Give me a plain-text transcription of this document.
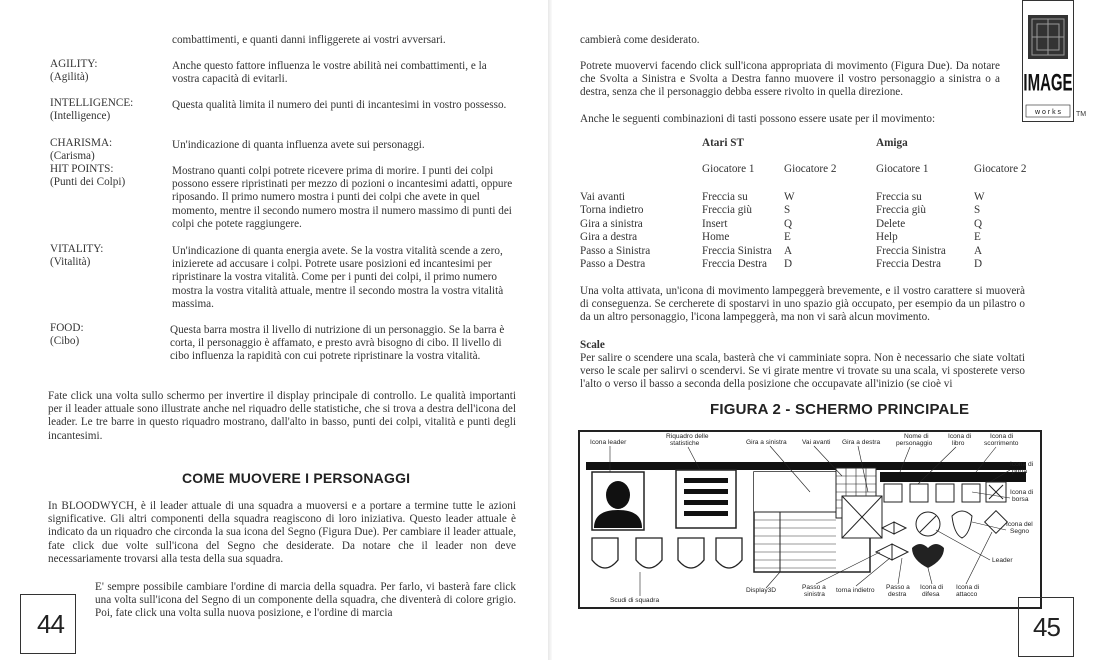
combattimenti, e quanti danni infliggerete ai vostri avversari.
AGILITY:
(Agilità)
Anche questo fattore influenza le vostre abilità nei combattimenti, e la vostra capacità di evitarli.
INTELLIGENCE:
(Intelligence)
Questa qualità limita il numero dei punti di incantesimi in vostro possesso.
CHARISMA:
(Carisma)
Un'indicazione di quanta influenza avete sui personaggi.
HIT POINTS:
(Punti dei Colpi)
Mostrano quanti colpi potrete ricevere prima di morire. I punti dei colpi possono essere ripristinati per mezzo di pozioni o incantesimi adatti, oppure riposando. Il primo numero mostra i punti dei colpi che avete in quel momento, mentre il secondo numero mostra il numero massimo di punti dei colpi che potete raggiungere.
VITALITY:
(Vitalità)
Un'indicazione di quanta energia avete. Se la vostra vitalità scende a zero, inizierete ad accusare i colpi. Potrete usare posizioni ed incantesimi per ripristinare la vostra vitalità. Come per i punti dei colpi, il primo numero mostra la vostra vitalità attuale, mentre il secondo mostra la vostra vitalità massima.
FOOD:
(Cibo)
Questa barra mostra il livello di nutrizione di un personaggio. Se la barra è corta, il personaggio è affamato, e presto avrà bisogno di cibo. Il livello di cibo influenza la rapidità con cui potrete ripristinare la vostra vitalità.
Fate click una volta sullo schermo per invertire il display principale di controllo. Le qualità importanti per il leader attuale sono illustrate anche nel riquadro delle statistiche, che si trova a destra dell'icona del leader. Le tre barre in questo riquadro mostrano, dall'alto in basso, punti dei colpi, vitalità e punti degli incantesimi.
COME MUOVERE I PERSONAGGI
In BLOODWYCH, è il leader attuale di una squadra a muoversi e a portare a termine tutte le azioni significative. Gli altri componenti della squadra reagiscono di loro iniziativa. Questo leader attuale è indicato da un riquadro che circonda la sua icona del Segno (Figura Due). Per cambiare il leader attuale, fate click due volte sull'icona del Segno che desiderate. Da notare che il leader non deve necessariamente trovarsi alla testa della sua squadra.
E' sempre possibile cambiare l'ordine di marcia della squadra. Per farlo, vi basterà fare click una volta sull'icona del Segno di un componente della squadra, che diventerà di colore grigio. Poi, fate click una volta sulla nuova posizione, e l'ordine di marcia
44
cambierà come desiderato.
Potrete muovervi facendo click sull'icona appropriata di movimento (Figura Due). Da notare che Svolta a Sinistra e Svolta a Destra fanno muovere il vostro personaggio a sinistra o a destra, senza che il personaggio debba essere rivolto in quella direzione.
Anche le seguenti combinazioni di tasti possono essere usate per il movimento:
	Atari ST		Amiga	
	Giocatore 1	Giocatore 2	Giocatore 1	Giocatore 2
Vai avanti	Freccia su	W	Freccia su	W
Torna indietro	Freccia giù	S	Freccia giù	S
Gira a sinistra	Insert	Q	Delete	Q
Gira a destra	Home	E	Help	E
Passo a Sinistra	Freccia Sinistra	A	Freccia Sinistra	A
Passo a Destra	Freccia Destra	D	Freccia Destra	D
Una volta attivata, un'icona di movimento lampeggerà brevemente, e il vostro carattere si muoverà di conseguenza. Se cercherete di spostarvi in uno spazio già occupato, per esempio da un pilastro o da un altro personaggio, l'icona lampeggerà, ma non vi sarà alcun movimento.
Scale
Per salire o scendere una scala, basterà che vi camminiate sopra. Non è necessario che siate voltati verso le scale per salirvi o scendervi. Se vi girate mentre vi trovate su una scala, vi sposterete verso l'alto o verso il basso a seconda della posizione che occupavate all'inizio (se cioè vi
FIGURA 2 - SCHERMO PRINCIPALE
Icona leader
Riquadro delle
statistiche	Gira a sinistra Vai avanti Gira a destra
Nome di
personaggio
Icona di
libro
Icona di
scorrimento
Icona di
porta
Icona di
borsa
Icona del
Segno
Leader
Scudi di squadra
Display3D	Passo a
sinistra
torna indietro Passo a
destra
Icona di
difesa
Icona di
attacco
IMAGE
w o r k s TM
45
